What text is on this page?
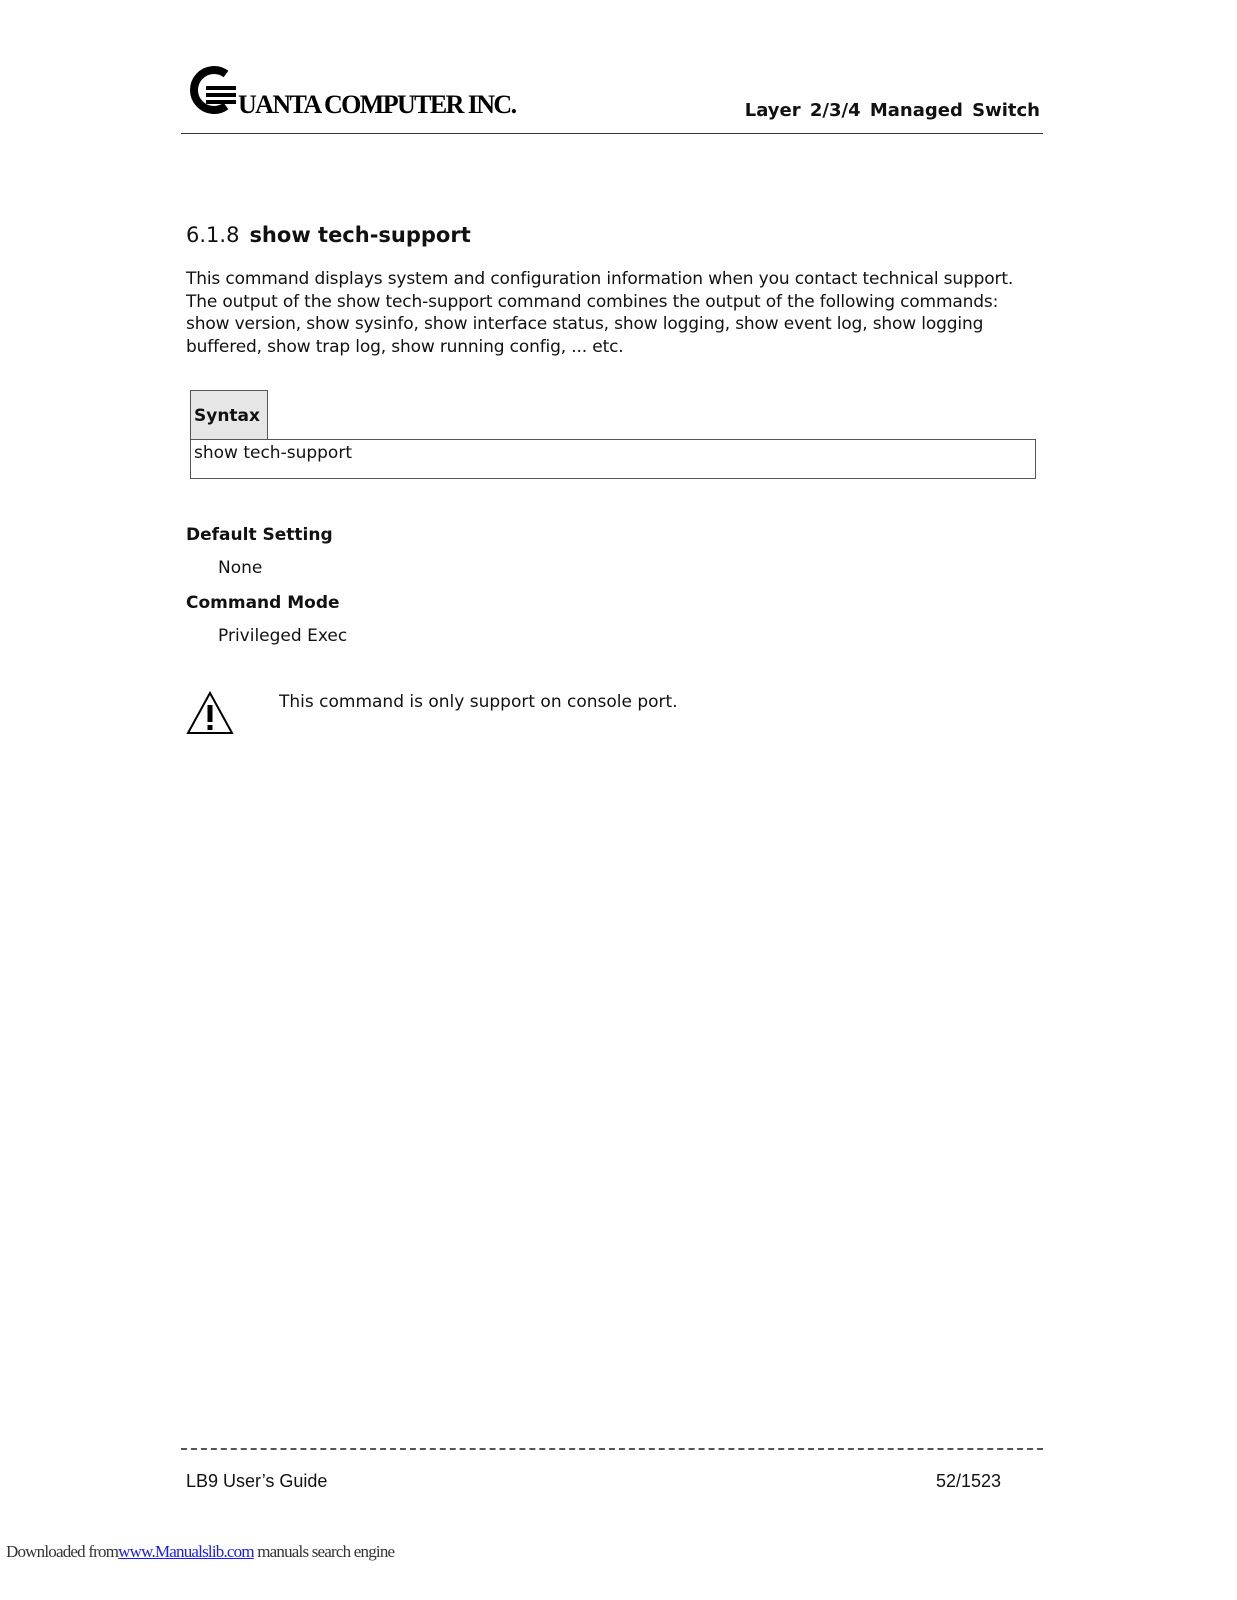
UANTA COMPUTER INC.	Layer 2/3/4 Managed Switch
6.1.8 show tech-support
This command displays system and configuration information when you contact technical support. The output of the show tech-support command combines the output of the following commands: show version, show sysinfo, show interface status, show logging, show event log, show logging buffered, show trap log, show running config, ... etc.
Syntax
show tech-support
Default Setting
None
Command Mode
Privileged Exec
This command is only support on console port.
LB9 User’s Guide	52/1523
Downloaded fromwww.Manualslib.com manuals search engine
